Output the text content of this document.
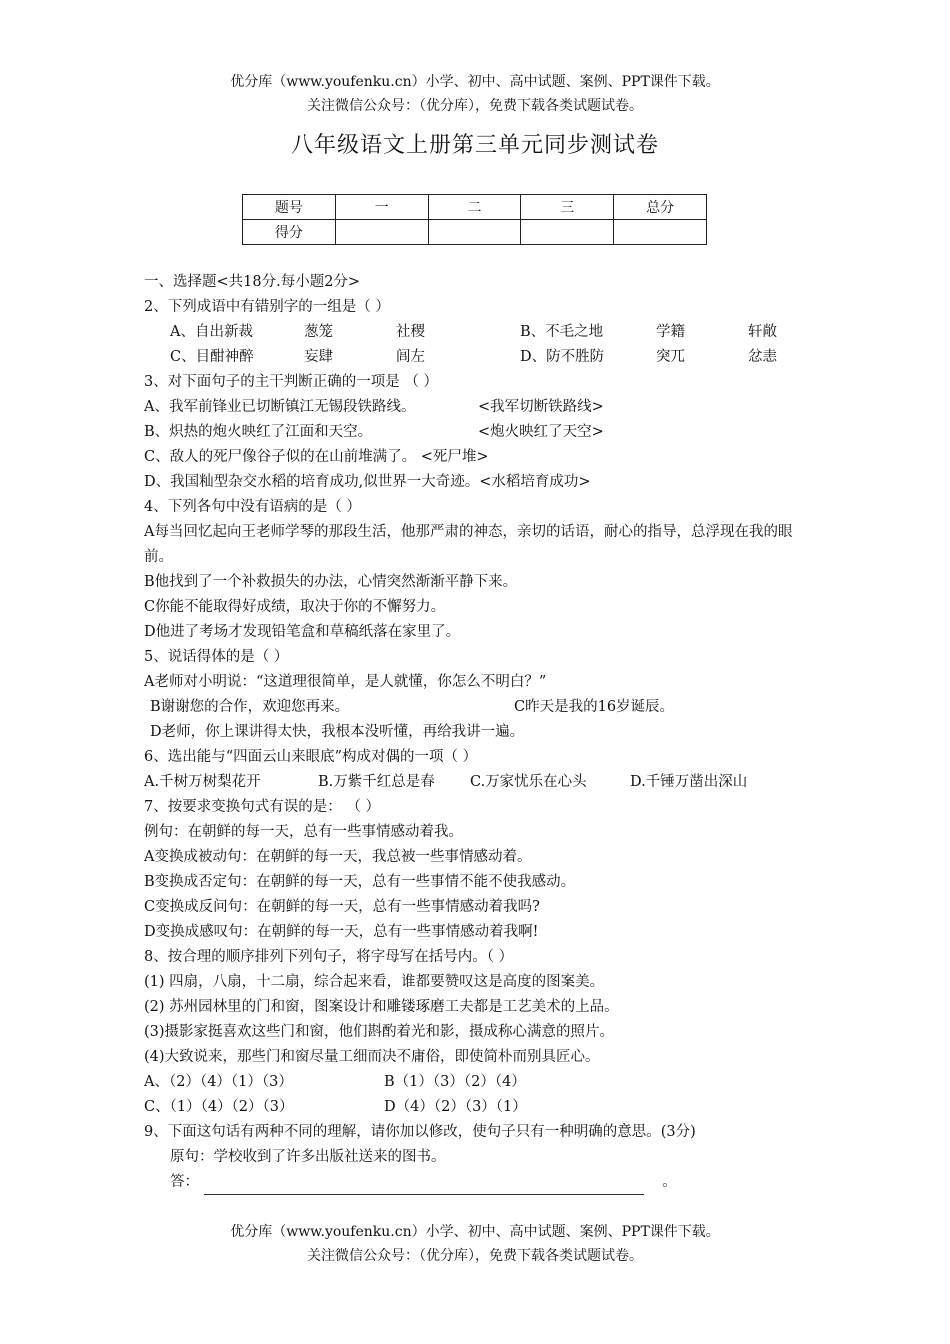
优分库（www.youfenku.cn）小学、初中、高中试题、案例、PPT课件下载。
关注微信公众号：（优分库），免费下载各类试题试卷。
八年级语文上册第三单元同步测试卷
题号	一	二	三	总分
得分				
一、选择题<共18分.每小题2分>
2、下列成语中有错别字的一组是（ ）
A、自出新裁	葱笼	社稷	B、不毛之地	学籍	轩敞
C、目酣神醉	妄肆	闾左	D、防不胜防	突兀	忿恚
3、对下面句子的主干判断正确的一项是 （ ）
A、我军前锋业已切断镇江无锡段铁路线。	<我军切断铁路线>
B、炽热的炮火映红了江面和天空。	<炮火映红了天空>
C、敌人的死尸像谷子似的在山前堆满了。 <死尸堆>
D、我国籼型杂交水稻的培育成功,似世界一大奇迹。<水稻培育成功>
4、下列各句中没有语病的是（ ）
A每当回忆起向王老师学琴的那段生活，他那严肃的神态，亲切的话语，耐心的指导，总浮现在我的眼前。
B他找到了一个补救损失的办法，心情突然渐渐平静下来。
C你能不能取得好成绩，取决于你的不懈努力。
D他进了考场才发现铅笔盒和草稿纸落在家里了。
5、说话得体的是（ ）
A老师对小明说：“这道理很简单，是人就懂，你怎么不明白？”
B谢谢您的合作，欢迎您再来。	C昨天是我的16岁诞辰。
D老师，你上课讲得太快，我根本没听懂，再给我讲一遍。
6、选出能与“四面云山来眼底”构成对偶的一项（ ）
A.千树万树梨花开	B.万紫千红总是春 C.万家忧乐在心头	D.千锤万凿出深山
7、按要求变换句式有误的是： （ ）
例句：在朝鲜的每一天，总有一些事情感动着我。
A变换成被动句：在朝鲜的每一天，我总被一些事情感动着。
B变换成否定句：在朝鲜的每一天，总有一些事情不能不使我感动。
C变换成反问句：在朝鲜的每一天，总有一些事情感动着我吗?
D变换成感叹句：在朝鲜的每一天，总有一些事情感动着我啊!
8、按合理的顺序排列下列句子，将字母写在括号内。（ ）
(1) 四扇，八扇，十二扇，综合起来看，谁都要赞叹这是高度的图案美。
(2) 苏州园林里的门和窗，图案设计和雕镂琢磨工夫都是工艺美术的上品。
(3)摄影家挺喜欢这些门和窗，他们斟酌着光和影，摄成称心满意的照片。
(4)大致说来，那些门和窗尽量工细而决不庸俗，即使简朴而别具匠心。
A、（2）（4）（1）（3）	B（1）（3）（2）（4）
C、（1）（4）（2）（3）	D（4）（2）（3）（1）
9、下面这句话有两种不同的理解，请你加以修改，使句子只有一种明确的意思。(3分)
原句：学校收到了许多出版社送来的图书。
答：	。
优分库（www.youfenku.cn）小学、初中、高中试题、案例、PPT课件下载。
关注微信公众号：（优分库），免费下载各类试题试卷。
